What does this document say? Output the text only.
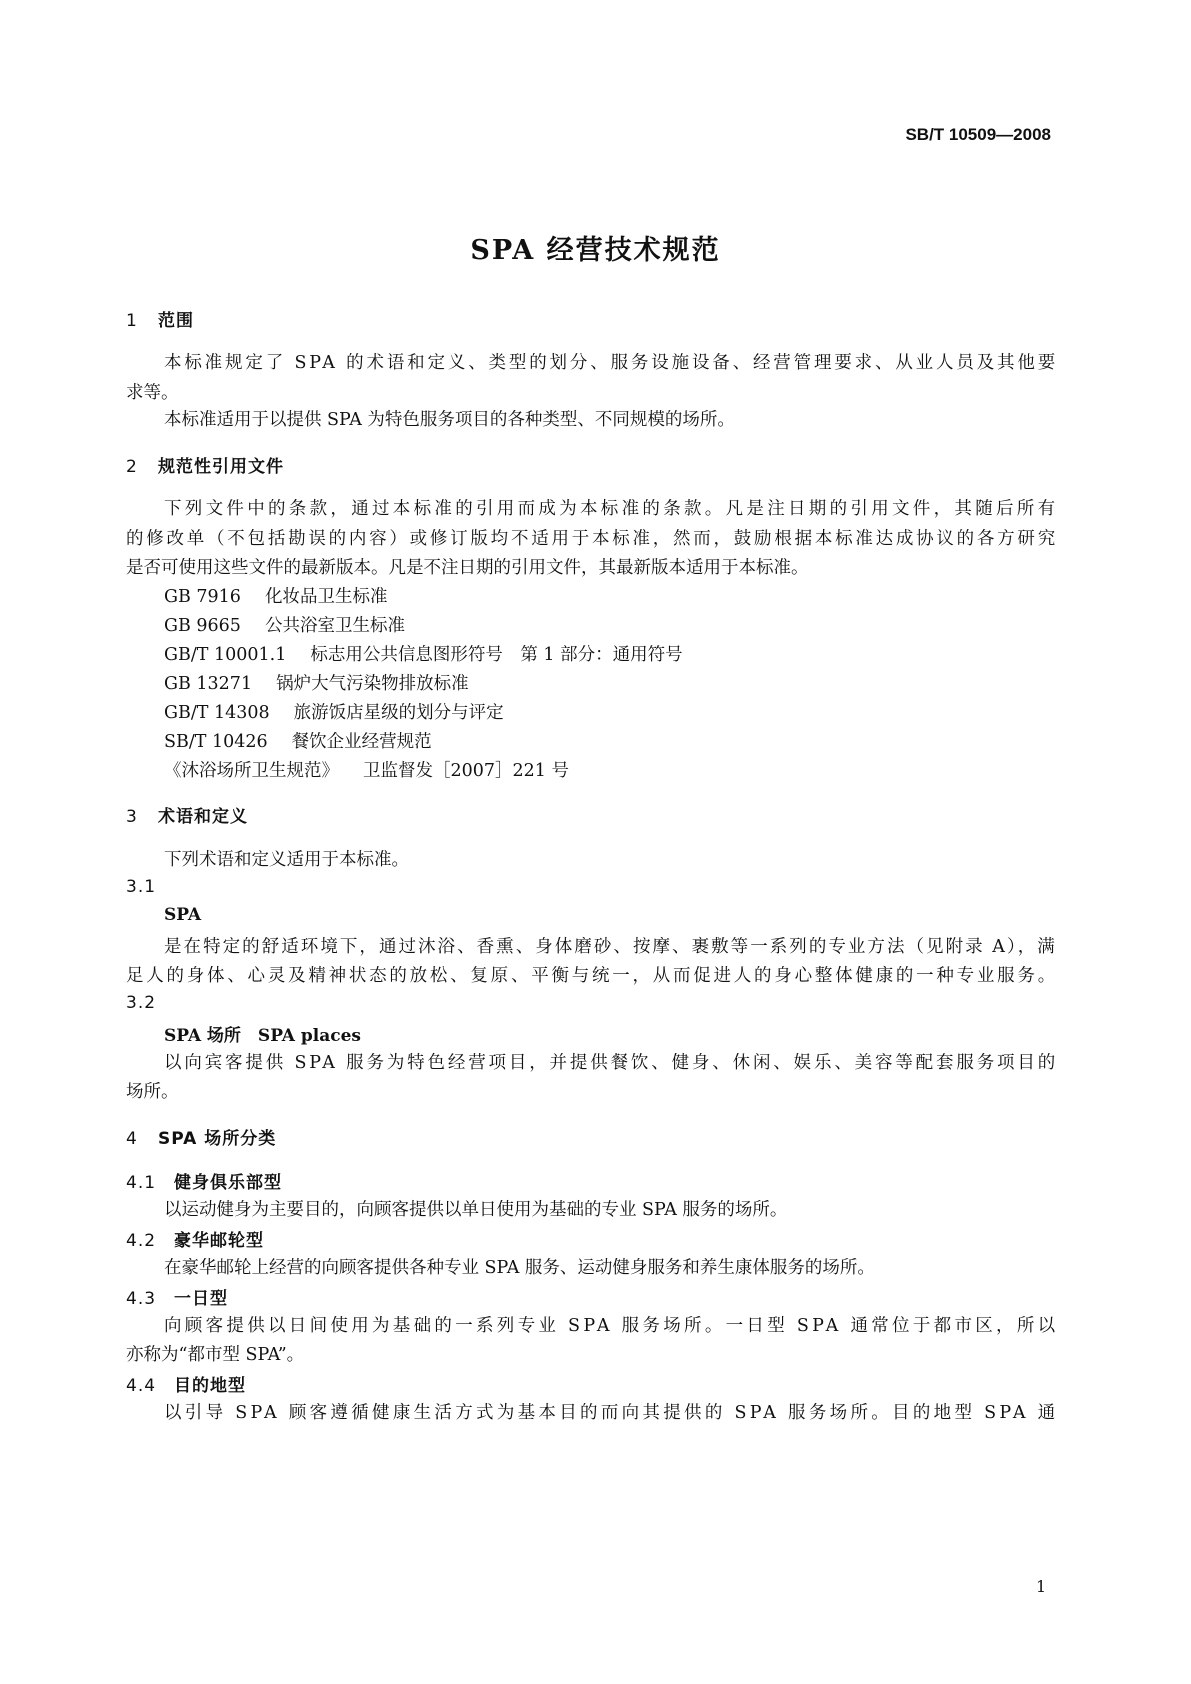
SB/T 10509—2008
SPA 经营技术规范
1 范围
本标准规定了 SPA 的术语和定义、类型的划分、服务设施设备、经营管理要求、从业人员及其他要
求等。
本标准适用于以提供 SPA 为特色服务项目的各种类型、不同规模的场所。
2 规范性引用文件
下列文件中的条款，通过本标准的引用而成为本标准的条款。凡是注日期的引用文件，其随后所有
的修改单（不包括勘误的内容）或修订版均不适用于本标准，然而，鼓励根据本标准达成协议的各方研究
是否可使用这些文件的最新版本。凡是不注日期的引用文件，其最新版本适用于本标准。
GB 7916 化妆品卫生标准
GB 9665 公共浴室卫生标准
GB/T 10001.1 标志用公共信息图形符号　第 1 部分：通用符号
GB 13271 锅炉大气污染物排放标准
GB/T 14308 旅游饭店星级的划分与评定
SB/T 10426 餐饮企业经营规范
《沐浴场所卫生规范》 卫监督发［2007］221 号
3 术语和定义
下列术语和定义适用于本标准。
3.1
SPA
是在特定的舒适环境下，通过沐浴、香熏、身体磨砂、按摩、裹敷等一系列的专业方法（见附录 A），满
足人的身体、心灵及精神状态的放松、复原、平衡与统一，从而促进人的身心整体健康的一种专业服务。
3.2
SPA 场所　SPA places
以向宾客提供 SPA 服务为特色经营项目，并提供餐饮、健身、休闲、娱乐、美容等配套服务项目的
场所。
4 SPA 场所分类
4.1 健身俱乐部型
以运动健身为主要目的，向顾客提供以单日使用为基础的专业 SPA 服务的场所。
4.2 豪华邮轮型
在豪华邮轮上经营的向顾客提供各种专业 SPA 服务、运动健身服务和养生康体服务的场所。
4.3 一日型
向顾客提供以日间使用为基础的一系列专业 SPA 服务场所。一日型 SPA 通常位于都市区，所以
亦称为“都市型 SPA”。
4.4 目的地型
以引导 SPA 顾客遵循健康生活方式为基本目的而向其提供的 SPA 服务场所。目的地型 SPA 通
1
